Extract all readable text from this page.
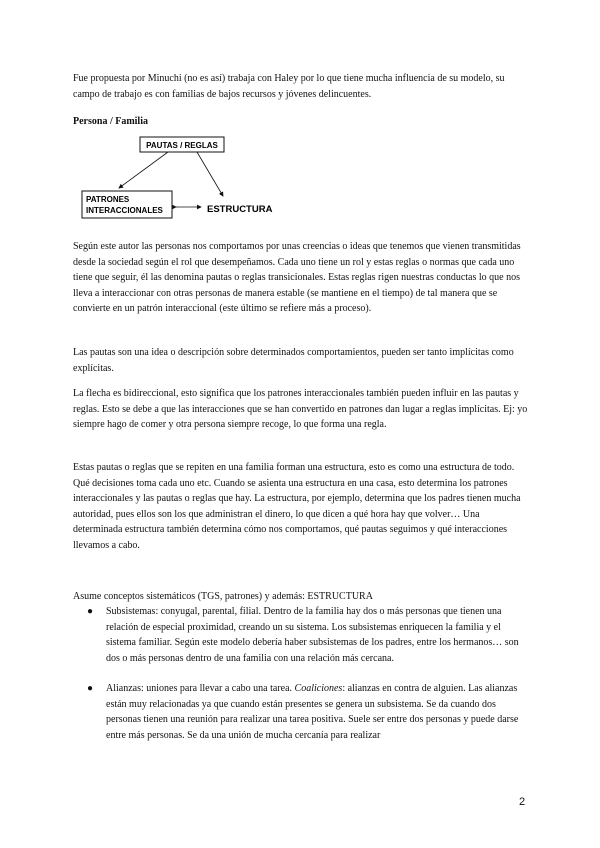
Fue propuesta por Minuchi (no es así) trabaja con Haley por lo que tiene mucha influencia de su modelo, su campo de trabajo es con familias de bajos recursos y jóvenes delincuentes.

Persona / Familia

PAUTAS / REGLAS
PATRONES
INTERACCIONALES	ESTRUCTURA

Según este autor las personas nos comportamos por unas creencias o ideas que tenemos que vienen transmitidas desde la sociedad según el rol que desempeñamos. Cada uno tiene un rol y estas reglas o normas que cada uno tiene que seguir, él las denomina pautas o reglas transicionales. Estas reglas rigen nuestras conductas lo que nos lleva a interaccionar con otras personas de manera estable (se mantiene en el tiempo) de tal manera que se convierte en un patrón interaccional (este último se refiere más a proceso).

Las pautas son una idea o descripción sobre determinados comportamientos, pueden ser tanto implícitas como explícitas.

La flecha es bidireccional, esto significa que los patrones interaccionales también pueden influir en las pautas y reglas. Esto se debe a que las interacciones que se han convertido en patrones dan lugar a reglas implícitas. Ej: yo siempre hago de comer y otra persona siempre recoge, lo que forma una regla.

Estas pautas o reglas que se repiten en una familia forman una estructura, esto es como una estructura de todo. Qué decisiones toma cada uno etc. Cuando se asienta una estructura en una casa, esto determina los patrones interaccionales y las pautas o reglas que hay. La estructura, por ejemplo, determina que los padres tienen mucha autoridad, pues ellos son los que administran el dinero, lo que dicen a qué hora hay que volver… Una determinada estructura también determina cómo nos comportamos, qué pautas seguimos y qué interacciones llevamos a cabo.

Asume conceptos sistemáticos (TGS, patrones) y además: ESTRUCTURA

● Subsistemas: conyugal, parental, filial. Dentro de la familia hay dos o más personas que tienen una relación de especial proximidad, creando un su sistema. Los subsistemas enriquecen la familia y el sistema familiar. Según este modelo debería haber subsistemas de los padres, entre los hermanos… son dos o más personas dentro de una familia con una relación más cercana.
● Alianzas: uniones para llevar a cabo una tarea. Coaliciones: alianzas en contra de alguien. Las alianzas están muy relacionadas ya que cuando están presentes se genera un subsistema. Se da cuando dos personas tienen una reunión para realizar una tarea positiva. Suele ser entre dos personas y puede darse entre más personas. Se da una unión de mucha cercanía para realizar
2
